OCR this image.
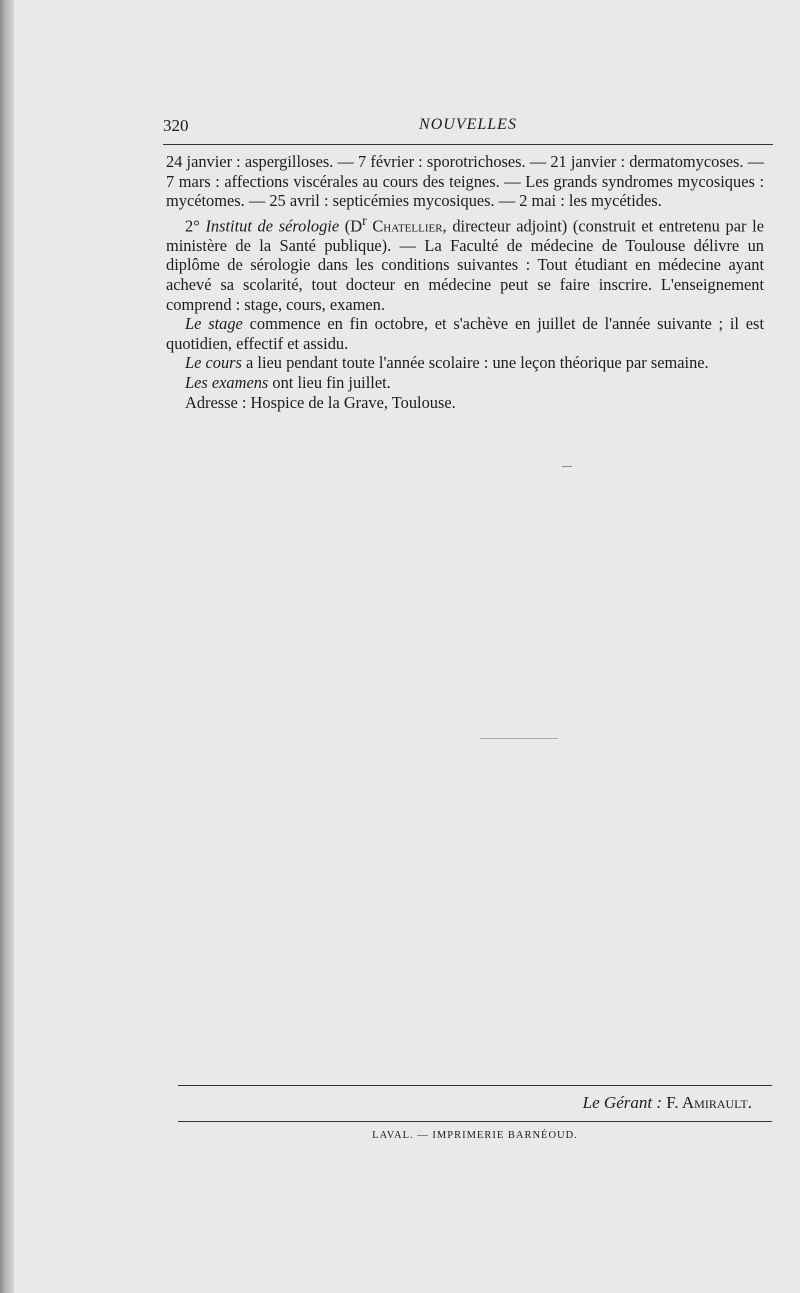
320	NOUVELLES

24 janvier : aspergilloses. — 7 février : sporotrichoses. — 21 janvier : dermatomycoses. — 7 mars : affections viscérales au cours des teignes. — Les grands syndromes mycosiques : mycétomes. — 25 avril : septicémies mycosiques. — 2 mai : les mycétides.

2° Institut de sérologie ($D^r$ Chatellier, directeur adjoint) (construit et entretenu par le ministère de la Santé publique). — La Faculté de médecine de Toulouse délivre un diplôme de sérologie dans les conditions suivantes : Tout étudiant en médecine ayant achevé sa scolarité, tout docteur en médecine peut se faire inscrire. L'enseignement comprend : stage, cours, examen.

Le stage commence en fin octobre, et s'achève en juillet de l'année suivante ; il est quotidien, effectif et assidu.

Le cours a lieu pendant toute l'année scolaire : une leçon théorique par semaine.

Les examens ont lieu fin juillet.

Adresse : Hospice de la Grave, Toulouse.

Le Gérant : F. Amirault.
LAVAL. — IMPRIMERIE BARNÉOUD.
